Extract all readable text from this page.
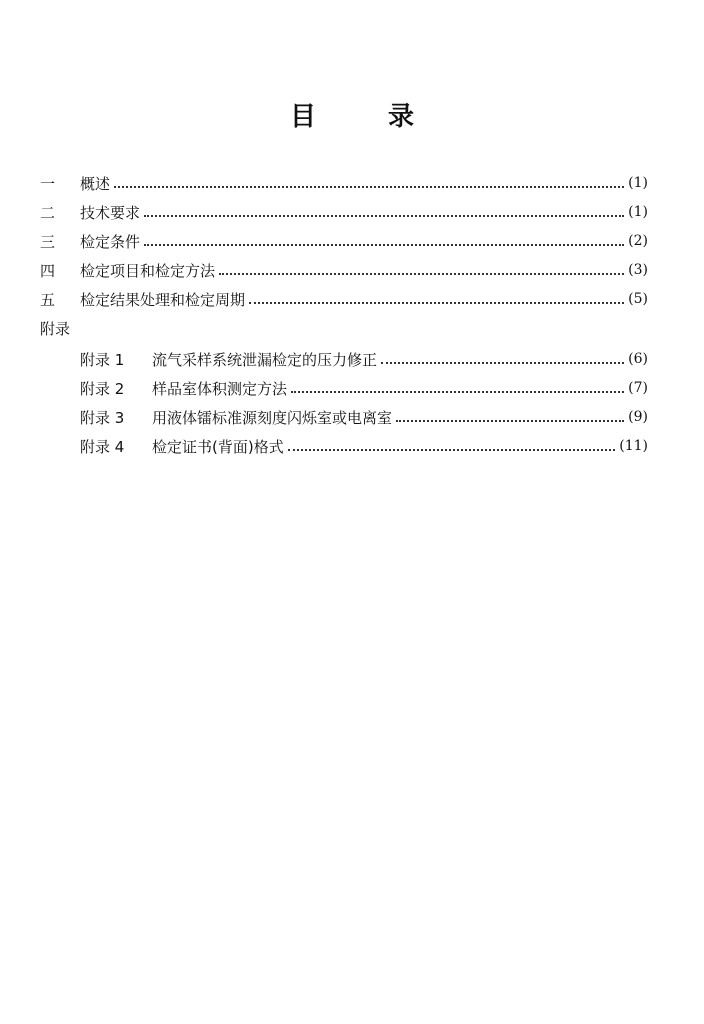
目	录
一	概述	(1)
二	技术要求	(1)
三	检定条件	(2)
四	检定项目和检定方法	(3)
五	检定结果处理和检定周期	(5)
附录
附录 1	流气采样系统泄漏检定的压力修正	(6)
附录 2	样品室体积测定方法	(7)
附录 3	用液体镭标准源刻度闪烁室或电离室	(9)
附录 4	检定证书(背面)格式	(11)
